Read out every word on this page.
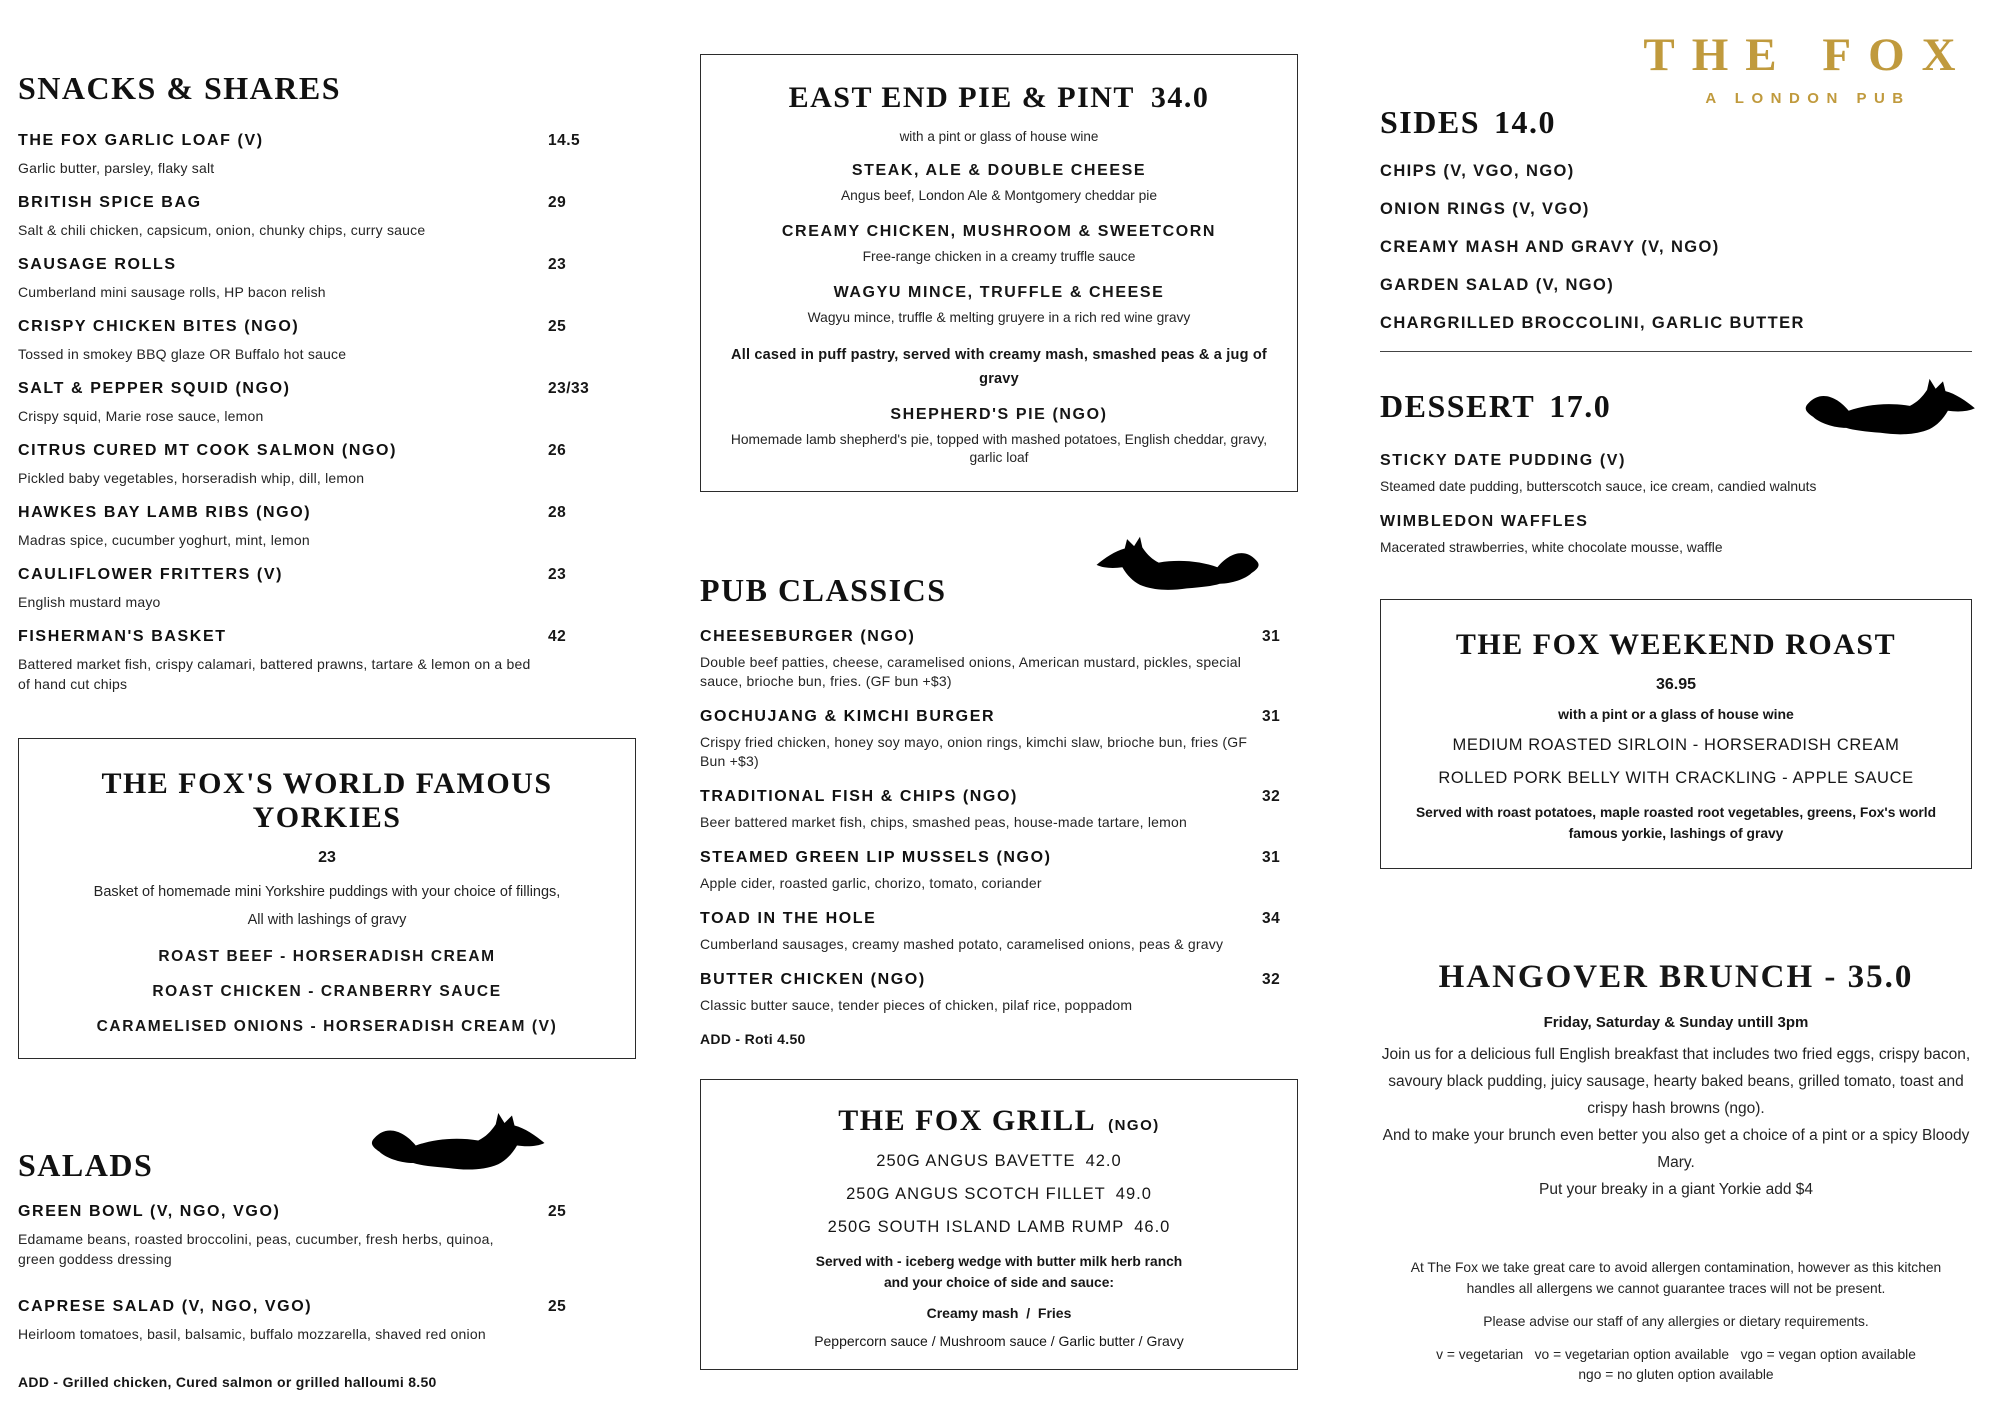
THE FOX
A LONDON PUB
SNACKS & SHARES
THE FOX GARLIC LOAF (V)
Garlic butter, parsley, flaky salt
14.5
BRITISH SPICE BAG
Salt & chili chicken, capsicum, onion, chunky chips, curry sauce
29
SAUSAGE ROLLS
Cumberland mini sausage rolls, HP bacon relish
23
CRISPY CHICKEN BITES (NGO)
Tossed in smokey BBQ glaze OR Buffalo hot sauce
25
SALT & PEPPER SQUID (NGO)
Crispy squid, Marie rose sauce, lemon
23/33
CITRUS CURED MT COOK SALMON (NGO)
Pickled baby vegetables, horseradish whip, dill, lemon
26
HAWKES BAY LAMB RIBS (NGO)
Madras spice, cucumber yoghurt, mint, lemon
28
CAULIFLOWER FRITTERS (V)
English mustard mayo
23
FISHERMAN'S BASKET
Battered market fish, crispy calamari, battered prawns, tartare & lemon on a bed of hand cut chips
42
THE FOX'S WORLD FAMOUS YORKIES
23
Basket of homemade mini Yorkshire puddings with your choice of fillings,
All with lashings of gravy
ROAST BEEF - HORSERADISH CREAM
ROAST CHICKEN - CRANBERRY SAUCE
CARAMELISED ONIONS - HORSERADISH CREAM (V)
SALADS
GREEN BOWL (V, NGO, VGO)
Edamame beans, roasted broccolini, peas, cucumber, fresh herbs, quinoa, green goddess dressing
25
CAPRESE SALAD (V, NGO, VGO)
Heirloom tomatoes, basil, balsamic, buffalo mozzarella, shaved red onion
25
ADD - Grilled chicken, Cured salmon or grilled halloumi 8.50
EAST END PIE & PINT 34.0
with a pint or glass of house wine
STEAK, ALE & DOUBLE CHEESE
Angus beef, London Ale & Montgomery cheddar pie
CREAMY CHICKEN, MUSHROOM & SWEETCORN
Free-range chicken in a creamy truffle sauce
WAGYU MINCE, TRUFFLE & CHEESE
Wagyu mince, truffle & melting gruyere in a rich red wine gravy
All cased in puff pastry, served with creamy mash, smashed peas & a jug of gravy
SHEPHERD'S PIE (NGO)
Homemade lamb shepherd's pie, topped with mashed potatoes, English cheddar, gravy, garlic loaf
PUB CLASSICS
CHEESEBURGER (NGO)
Double beef patties, cheese, caramelised onions, American mustard, pickles, special sauce, brioche bun, fries. (GF bun +$3)
31
GOCHUJANG & KIMCHI BURGER
Crispy fried chicken, honey soy mayo, onion rings, kimchi slaw, brioche bun, fries (GF Bun +$3)
31
TRADITIONAL FISH & CHIPS (NGO)
Beer battered market fish, chips, smashed peas, house-made tartare, lemon
32
STEAMED GREEN LIP MUSSELS (NGO)
Apple cider, roasted garlic, chorizo, tomato, coriander
31
TOAD IN THE HOLE
Cumberland sausages, creamy mashed potato, caramelised onions, peas & gravy
34
BUTTER CHICKEN (NGO)
Classic butter sauce, tender pieces of chicken, pilaf rice, poppadom
32
ADD - Roti 4.50
THE FOX GRILL (NGO)
250G ANGUS BAVETTE 42.0
250G ANGUS SCOTCH FILLET 49.0
250G SOUTH ISLAND LAMB RUMP 46.0
Served with - iceberg wedge with butter milk herb ranch
and your choice of side and sauce:
Creamy mash  /  Fries
Peppercorn sauce / Mushroom sauce / Garlic butter / Gravy
SIDES 14.0
CHIPS (V, VGO, NGO)
ONION RINGS (V, VGO)
CREAMY MASH AND GRAVY (V, NGO)
GARDEN SALAD (V, NGO)
CHARGRILLED BROCCOLINI, GARLIC BUTTER
DESSERT 17.0
STICKY DATE PUDDING (V)
Steamed date pudding, butterscotch sauce, ice cream, candied walnuts
WIMBLEDON WAFFLES
Macerated strawberries, white chocolate mousse, waffle
THE FOX WEEKEND ROAST
36.95
with a pint or a glass of house wine
MEDIUM ROASTED SIRLOIN - HORSERADISH CREAM
ROLLED PORK BELLY WITH CRACKLING - APPLE SAUCE
Served with roast potatoes, maple roasted root vegetables, greens, Fox's world famous yorkie, lashings of gravy
HANGOVER BRUNCH - 35.0
Friday, Saturday & Sunday untill 3pm
Join us for a delicious full English breakfast that includes two fried eggs, crispy bacon, savoury black pudding, juicy sausage, hearty baked beans, grilled tomato, toast and crispy hash browns (ngo).
And to make your brunch even better you also get a choice of a pint or a spicy Bloody Mary.
Put your breaky in a giant Yorkie add $4
At The Fox we take great care to avoid allergen contamination, however as this kitchen
handles all allergens we cannot guarantee traces will not be present.
Please advise our staff of any allergies or dietary requirements.
v = vegetarian   vo = vegetarian option available   vgo = vegan option available
ngo = no gluten option available
